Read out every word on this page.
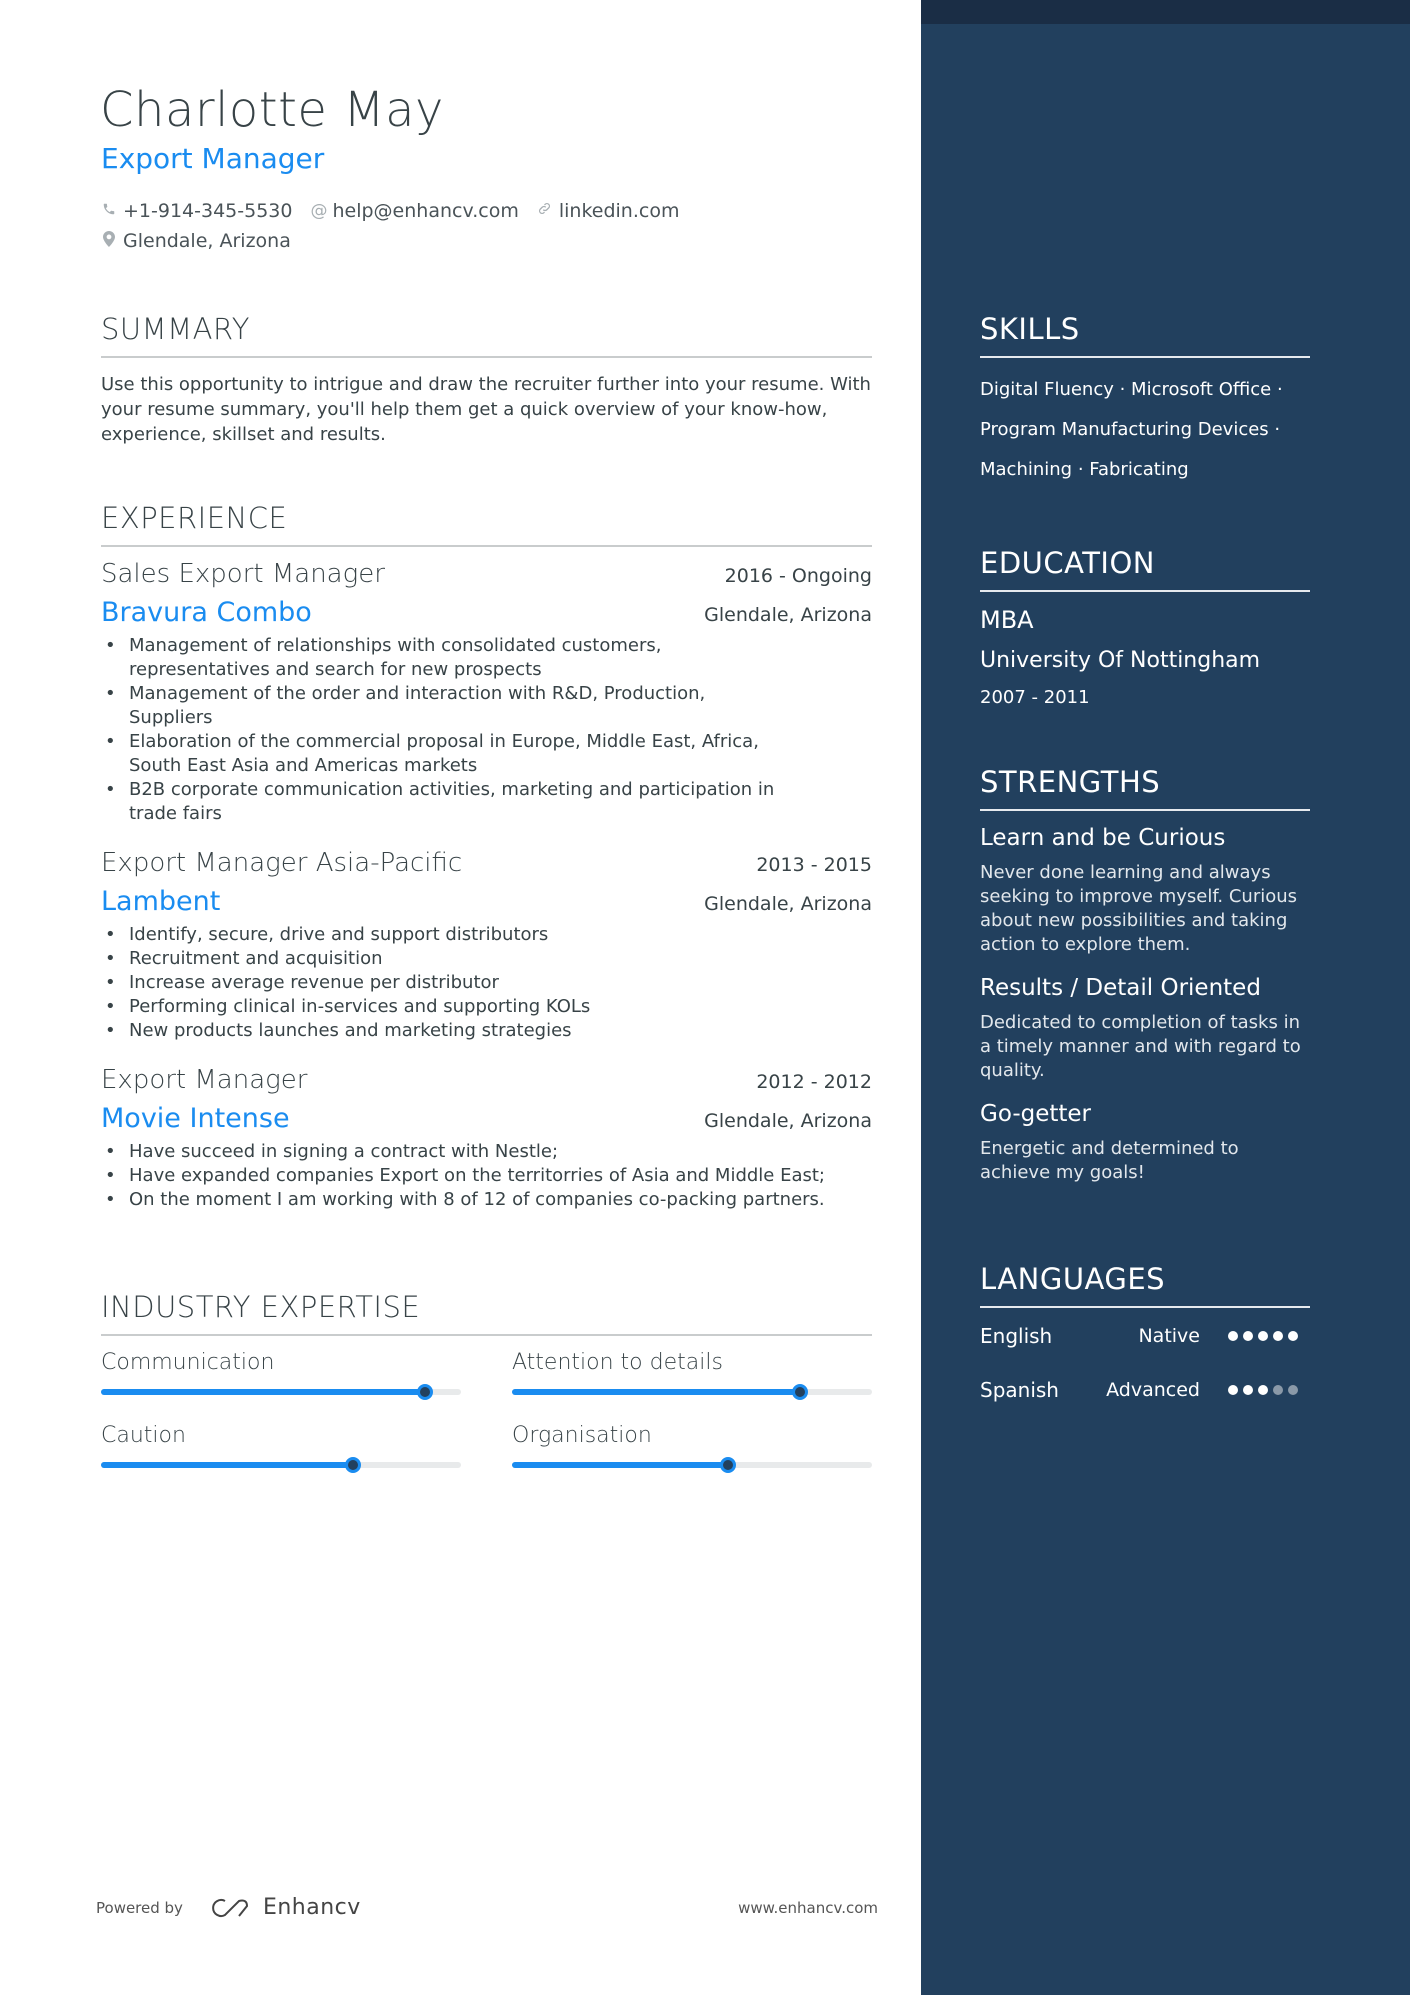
Charlotte May
Export Manager
+1-914-345-5530 @ help@enhancv.com linkedin.com
Glendale, Arizona
SUMMARY
Use this opportunity to intrigue and draw the recruiter further into your resume. With your resume summary, you'll help them get a quick overview of your know-how, experience, skillset and results.
EXPERIENCE
Sales Export Manager	2016 - Ongoing
Bravura Combo	Glendale, Arizona
• Management of relationships with consolidated customers, representatives and search for new prospects
• Management of the order and interaction with R&D, Production, Suppliers
• Elaboration of the commercial proposal in Europe, Middle East, Africa, South East Asia and Americas markets
• B2B corporate communication activities, marketing and participation in trade fairs
Export Manager Asia-Pacific	2013 - 2015
Lambent	Glendale, Arizona
• Identify, secure, drive and support distributors
• Recruitment and acquisition
• Increase average revenue per distributor
• Performing clinical in-services and supporting KOLs
• New products launches and marketing strategies
Export Manager	2012 - 2012
Movie Intense	Glendale, Arizona
• Have succeed in signing a contract with Nestle;
• Have expanded companies Export on the territorries of Asia and Middle East;
• On the moment I am working with 8 of 12 of companies co-packing partners.
INDUSTRY EXPERTISE
Communication	Attention to details
Caution	Organisation
Powered by	Enhancv	www.enhancv.com
SKILLS
Digital Fluency · Microsoft Office ·
Program Manufacturing Devices ·
Machining · Fabricating
EDUCATION
MBA
University Of Nottingham
2007 - 2011
STRENGTHS
Learn and be Curious
Never done learning and always seeking to improve myself. Curious about new possibilities and taking action to explore them.
Results / Detail Oriented
Dedicated to completion of tasks in a timely manner and with regard to quality.
Go-getter
Energetic and determined to achieve my goals!
LANGUAGES
English	Native
Spanish	Advanced
